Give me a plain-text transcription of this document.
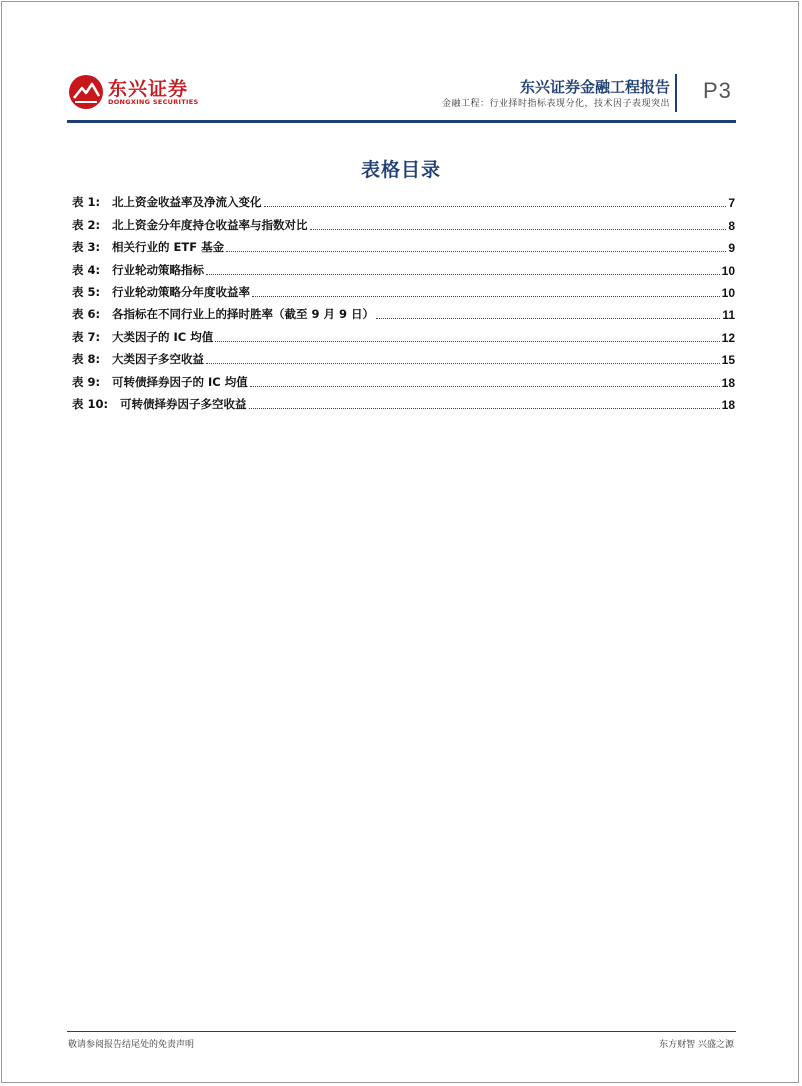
东兴证券
DONGXING SECURITIES
东兴证券金融工程报告
金融工程：行业择时指标表现分化，技术因子表现突出
P3
表格目录
表 1:	北上资金收益率及净流入变化	7
表 2:	北上资金分年度持仓收益率与指数对比	8
表 3:	相关行业的 ETF 基金	9
表 4:	行业轮动策略指标	10
表 5:	行业轮动策略分年度收益率	10
表 6:	各指标在不同行业上的择时胜率（截至 9 月 9 日）	11
表 7:	大类因子的 IC 均值	12
表 8:	大类因子多空收益	15
表 9:	可转债择券因子的 IC 均值	18
表 10:	可转债择券因子多空收益	18
敬请参阅报告结尾处的免责声明	东方财智 兴盛之源
